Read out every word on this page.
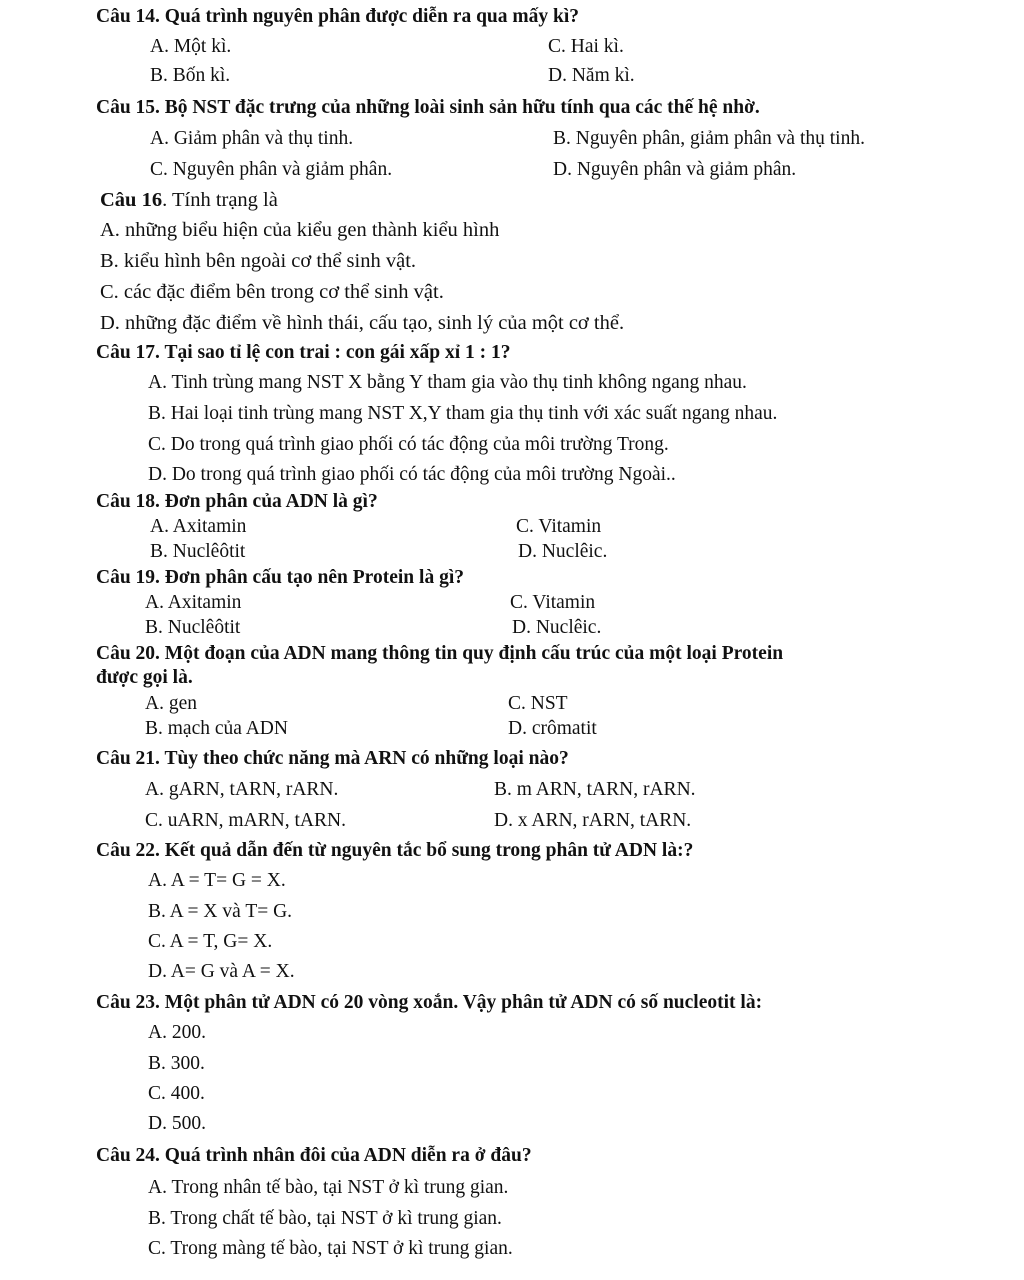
Câu 14. Quá trình nguyên phân được diễn ra qua mấy kì?
A. Một kì.	C. Hai kì.
B. Bốn kì.	D. Năm kì.
Câu 15. Bộ NST đặc trưng của những loài sinh sản hữu tính qua các thế hệ nhờ.
A. Giảm phân và thụ tinh.	B. Nguyên phân, giảm phân và thụ tinh.
C. Nguyên phân và giảm phân.	D. Nguyên phân và giảm phân.
Câu 16. Tính trạng là
A. những biểu hiện của kiểu gen thành kiểu hình
B. kiểu hình bên ngoài cơ thể sinh vật.
C. các đặc điểm bên trong cơ thể sinh vật.
D. những đặc điểm về hình thái, cấu tạo, sinh lý của một cơ thể.
Câu 17. Tại sao tỉ lệ con trai : con gái xấp xỉ 1 : 1?
A. Tinh trùng mang NST X bằng Y tham gia vào thụ tinh không ngang nhau.
B. Hai loại tinh trùng mang NST X,Y tham gia thụ tinh với xác suất ngang nhau.
C. Do trong quá trình giao phối có tác động của môi trường Trong.
D. Do trong quá trình giao phối có tác động của môi trường Ngoài..
Câu 18. Đơn phân của ADN là gì?
A. Axitamin	C. Vitamin
B. Nuclêôtit	D. Nuclêic.
Câu 19. Đơn phân cấu tạo nên Protein là gì?
A. Axitamin	C. Vitamin
B. Nuclêôtit	D. Nuclêic.
Câu 20. Một đoạn của ADN mang thông tin quy định cấu trúc của một loại Protein
được gọi là.
A. gen	C. NST
B. mạch của ADN	D. crômatit
Câu 21. Tùy theo chức năng mà ARN có những loại nào?
A. gARN, tARN, rARN.	B. m ARN, tARN, rARN.
C. uARN, mARN, tARN.	D. x ARN, rARN, tARN.
Câu 22. Kết quả dẫn đến từ nguyên tắc bổ sung trong phân tử ADN là:?
A. A = T= G = X.
B. A = X và T= G.
C. A = T, G= X.
D. A= G và A = X.
Câu 23. Một phân tử ADN có 20 vòng xoắn. Vậy phân tử ADN có số nucleotit là:
A. 200.
B. 300.
C. 400.
D. 500.
Câu 24. Quá trình nhân đôi của ADN diễn ra ở đâu?
A. Trong nhân tế bào, tại NST ở kì trung gian.
B. Trong chất tế bào, tại NST ở kì trung gian.
C. Trong màng tế bào, tại NST ở kì trung gian.
